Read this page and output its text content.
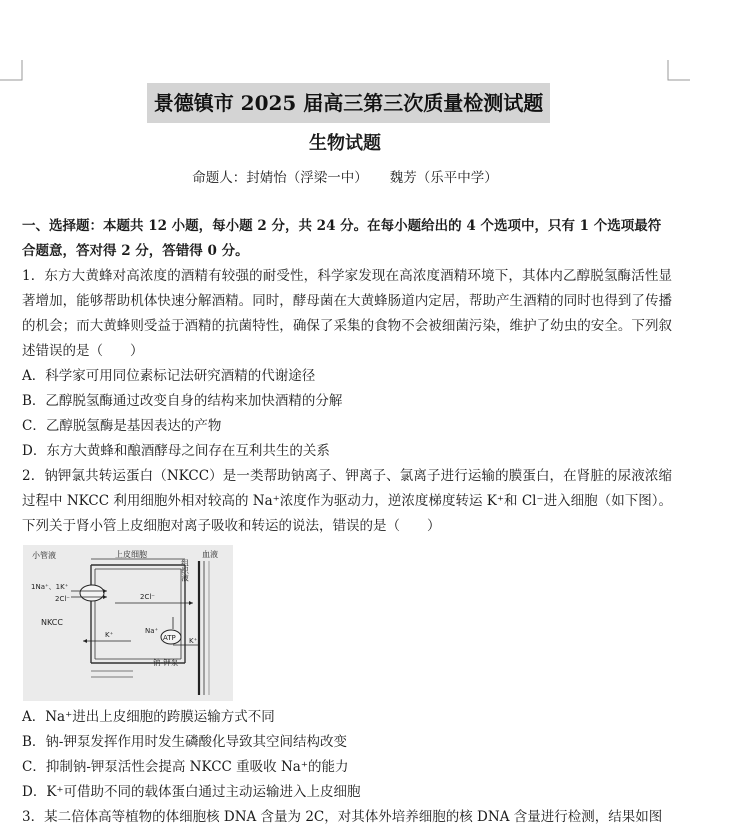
景德镇市 2025 届高三第三次质量检测试题
生物试题
命题人：封婧怡（浮梁一中） 魏芳（乐平中学）

一、选择题：本题共 12 小题，每小题 2 分，共 24 分。在每小题给出的 4 个选项中，只有 1 个选项最符合题意，答对得 2 分，答错得 0 分。

1．东方大黄蜂对高浓度的酒精有较强的耐受性，科学家发现在高浓度酒精环境下，其体内乙醇脱氢酶活性显著增加，能够帮助机体快速分解酒精。同时，酵母菌在大黄蜂肠道内定居，帮助产生酒精的同时也得到了传播的机会；而大黄蜂则受益于酒精的抗菌特性，确保了采集的食物不会被细菌污染，维护了幼虫的安全。下列叙述错误的是（　　）

A．科学家可用同位素标记法研究酒精的代谢途径

B．乙醇脱氢酶通过改变自身的结构来加快酒精的分解

C．乙醇脱氢酶是基因表达的产物

D．东方大黄蜂和酿酒酵母之间存在互利共生的关系

2．钠钾氯共转运蛋白（NKCC）是一类帮助钠离子、钾离子、氯离子进行运输的膜蛋白，在肾脏的尿液浓缩过程中 NKCC 利用细胞外相对较高的 Na⁺浓度作为驱动力，逆浓度梯度转运 K⁺和 Cl⁻进入细胞（如下图）。下列关于肾小管上皮细胞对离子吸收和转运的说法，错误的是（　　）

小管液	上皮细胞	血液
组织液
1Na⁺、1K⁺
2Cl⁻
NKCC
2Cl⁻
K⁺	Na⁺
ATP K⁺
钠-钾泵

A．Na⁺进出上皮细胞的跨膜运输方式不同

B．钠-钾泵发挥作用时发生磷酸化导致其空间结构改变

C．抑制钠-钾泵活性会提高 NKCC 重吸收 Na⁺的能力

D．K⁺可借助不同的载体蛋白通过主动运输进入上皮细胞

3．某二倍体高等植物的体细胞核 DNA 含量为 2C，对其体外培养细胞的核 DNA 含量进行检测，结果如图
